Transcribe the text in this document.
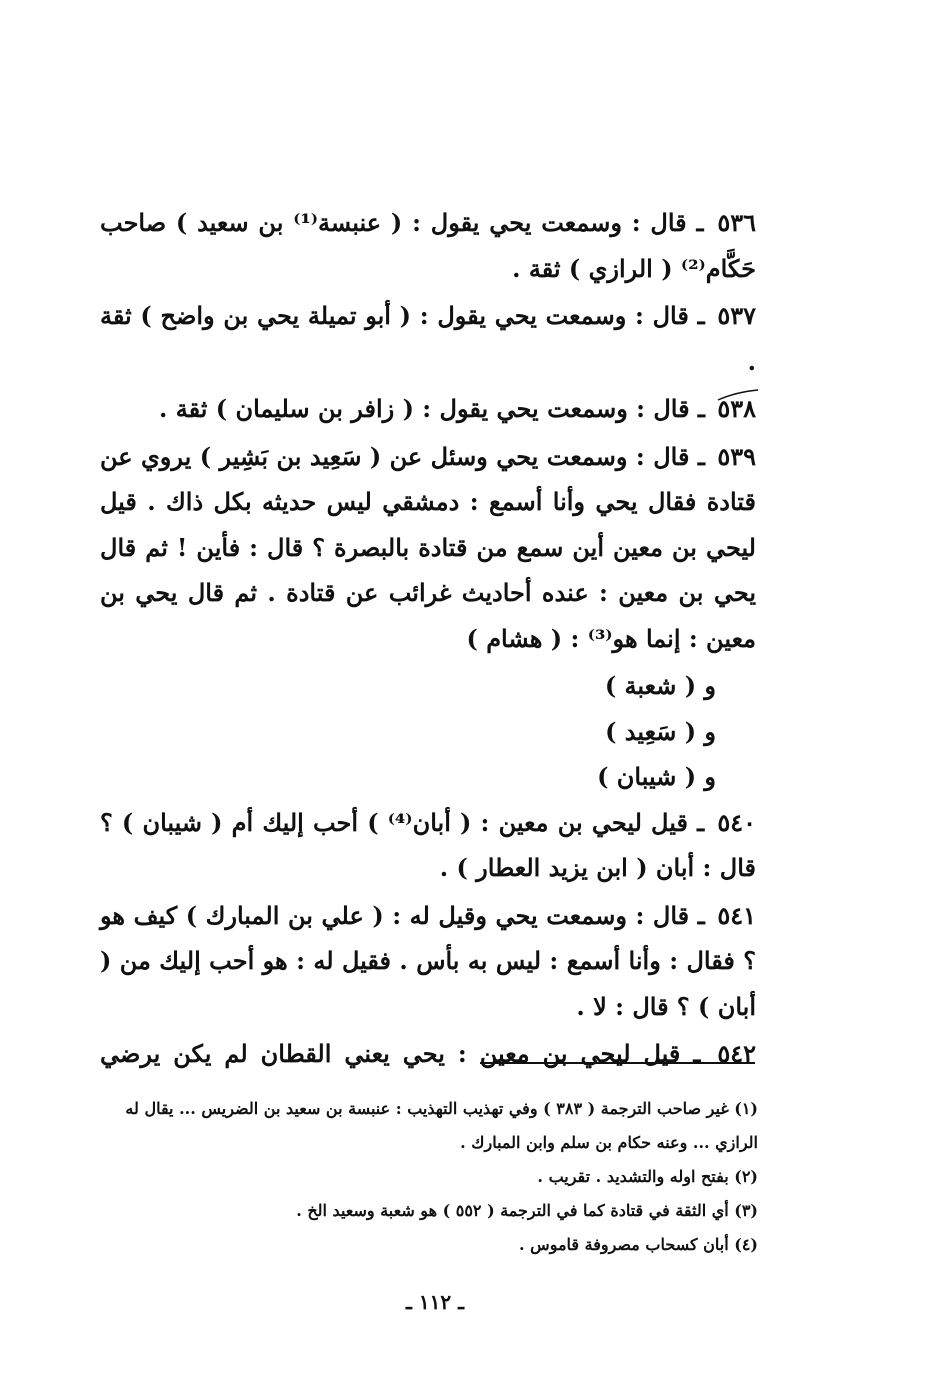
٥٣٦ ـ قال : وسمعت يحي يقول : ( عنبسة⁽¹⁾ بن سعيد ) صاحب حَكَّام⁽²⁾ ( الرازي ) ثقة .

٥٣٧ ـ قال : وسمعت يحي يقول : ( أبو تميلة يحي بن واضح ) ثقة .

٥٣٨ ـ قال : وسمعت يحي يقول : ( زافر بن سليمان ) ثقة .

٥٣٩ ـ قال : وسمعت يحي وسئل عن ( سَعِيد بن بَشِير ) يروي عن قتادة فقال يحي وأنا أسمع : دمشقي ليس حديثه بكل ذاك . قيل ليحي بن معين أين سمع من قتادة بالبصرة ؟ قال : فأين ! ثم قال يحي بن معين : عنده أحاديث غرائب عن قتادة . ثم قال يحي بن معين : إنما هو⁽³⁾ : ( هشام )

و ( شعبة )

و ( سَعِيد )

و ( شيبان )

٥٤٠ ـ قيل ليحي بن معين : ( أبان⁽⁴⁾ ) أحب إليك أم ( شيبان ) ؟ قال : أبان ( ابن يزيد العطار ) .

٥٤١ ـ قال : وسمعت يحي وقيل له : ( علي بن المبارك ) كيف هو ؟ فقال : وأنا أسمع : ليس به بأس . فقيل له : هو أحب إليك من ( أبان ) ؟ قال : لا .

٥٤٢ ـ قيل ليحي بن معين : يحي يعني القطان لم يكن يرضي

(١) غير صاحب الترجمة ( ٣٨٣ ) وفي تهذيب التهذيب : عنبسة بن سعيد بن الضريس ... يقال له الرازي ... وعنه حكام بن سلم وابن المبارك .

(٢) بفتح اوله والتشديد . تقريب .

(٣) أي الثقة في قتادة كما في الترجمة ( ٥٥٢ ) هو شعبة وسعيد الخ .

(٤) أبان كسحاب مصروفة قاموس .

ـ ١١٢ ـ
